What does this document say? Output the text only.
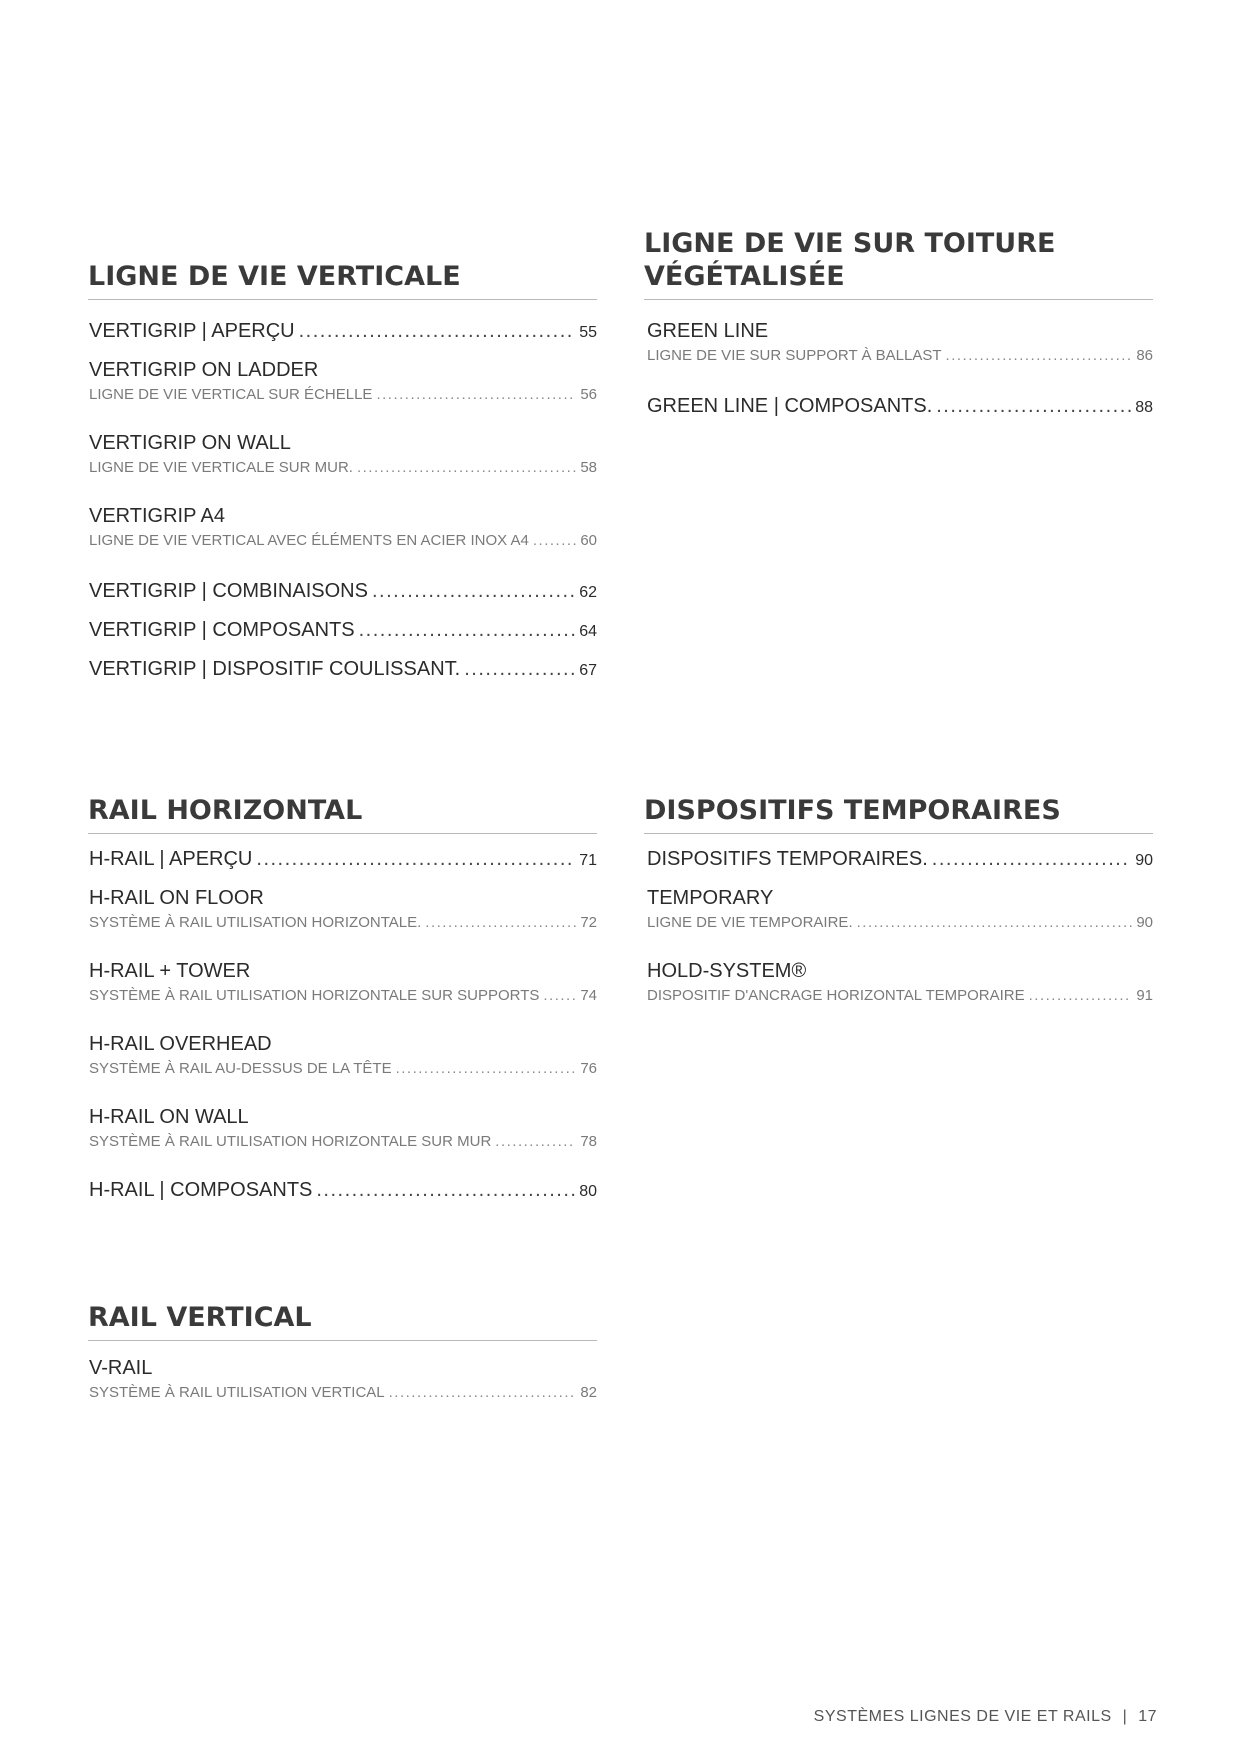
LIGNE DE VIE VERTICALE
VERTIGRIP | APERÇU .....	55
VERTIGRIP ON LADDER
LIGNE DE VIE VERTICAL SUR ÉCHELLE .....	56
VERTIGRIP ON WALL
LIGNE DE VIE VERTICALE SUR MUR. .....	58
VERTIGRIP A4
LIGNE DE VIE VERTICAL AVEC ÉLÉMENTS EN ACIER INOX A4 .....	60
VERTIGRIP | COMBINAISONS .....	62
VERTIGRIP | COMPOSANTS .....	64
VERTIGRIP | DISPOSITIF COULISSANT. .....	67
LIGNE DE VIE SUR TOITURE
VÉGÉTALISÉE
GREEN LINE
LIGNE DE VIE SUR SUPPORT À BALLAST .....	86
GREEN LINE | COMPOSANTS. .....	88
RAIL HORIZONTAL
H-RAIL | APERÇU .....	71
H-RAIL ON FLOOR
SYSTÈME À RAIL UTILISATION HORIZONTALE. .....	72
H-RAIL + TOWER
SYSTÈME À RAIL UTILISATION HORIZONTALE SUR SUPPORTS .....	74
H-RAIL OVERHEAD
SYSTÈME À RAIL AU-DESSUS DE LA TÊTE .....	76
H-RAIL ON WALL
SYSTÈME À RAIL UTILISATION HORIZONTALE SUR MUR .....	78
H-RAIL | COMPOSANTS .....	80
DISPOSITIFS TEMPORAIRES
DISPOSITIFS TEMPORAIRES. .....	90
TEMPORARY
LIGNE DE VIE TEMPORAIRE. .....	90
HOLD-SYSTEM®
DISPOSITIF D'ANCRAGE HORIZONTAL TEMPORAIRE .....	91
RAIL VERTICAL
V-RAIL
SYSTÈME À RAIL UTILISATION VERTICAL .....	82
SYSTÈMES LIGNES DE VIE ET RAILS | 17
